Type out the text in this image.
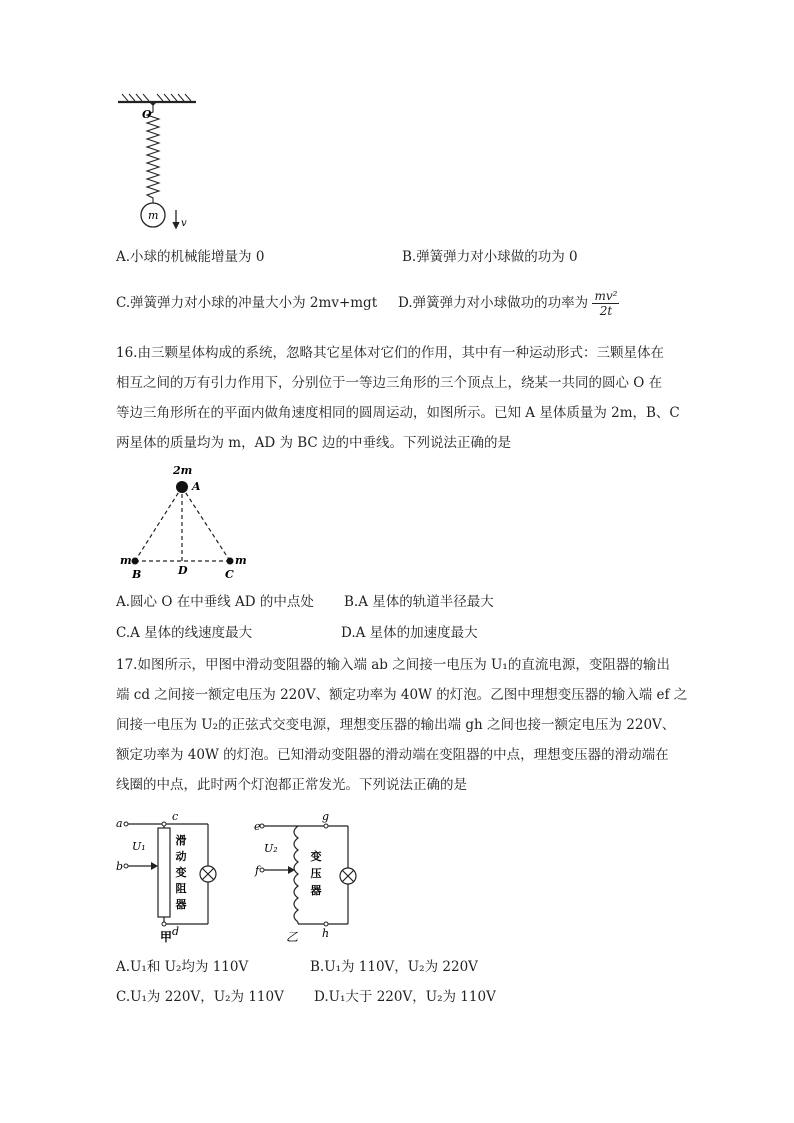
O
m
v
A.小球的机械能增量为 0	B.弹簧弹力对小球做的功为 0
C.弹簧弹力对小球的冲量大小为 2mv+mgt D.弹簧弹力对小球做功的功率为 $\frac{\text{mv²}}{2t}$
16.由三颗星体构成的系统，忽略其它星体对它们的作用，其中有一种运动形式：三颗星体在
相互之间的万有引力作用下，分别位于一等边三角形的三个顶点上，绕某一共同的圆心 O 在
等边三角形所在的平面内做角速度相同的圆周运动，如图所示。已知 A 星体质量为 2m，B、C
两星体的质量均为 m，AD 为 BC 边的中垂线。下列说法正确的是
2m
A
m	m
B	D	C
A.圆心 O 在中垂线 AD 的中点处 B.A 星体的轨道半径最大
C.A 星体的线速度最大	D.A 星体的加速度最大
17.如图所示，甲图中滑动变阻器的输入端 ab 之间接一电压为 U₁的直流电源，变阻器的输出
端 cd 之间接一额定电压为 220V、额定功率为 40W 的灯泡。乙图中理想变压器的输入端 ef 之
间接一电压为 U₂的正弦式交变电源，理想变压器的输出端 gh 之间也接一额定电压为 220V、
额定功率为 40W 的灯泡。已知滑动变阻器的滑动端在变阻器的中点，理想变压器的滑动端在
线圈的中点，此时两个灯泡都正常发光。下列说法正确的是
a
b
c
d
U₁	滑
动
变
阻
器
甲
e
f
g
h
U₂
变
压
器
乙
A.U₁和 U₂均为 110V	B.U₁为 110V，U₂为 220V
C.U₁为 220V，U₂为 110V D.U₁大于 220V，U₂为 110V
